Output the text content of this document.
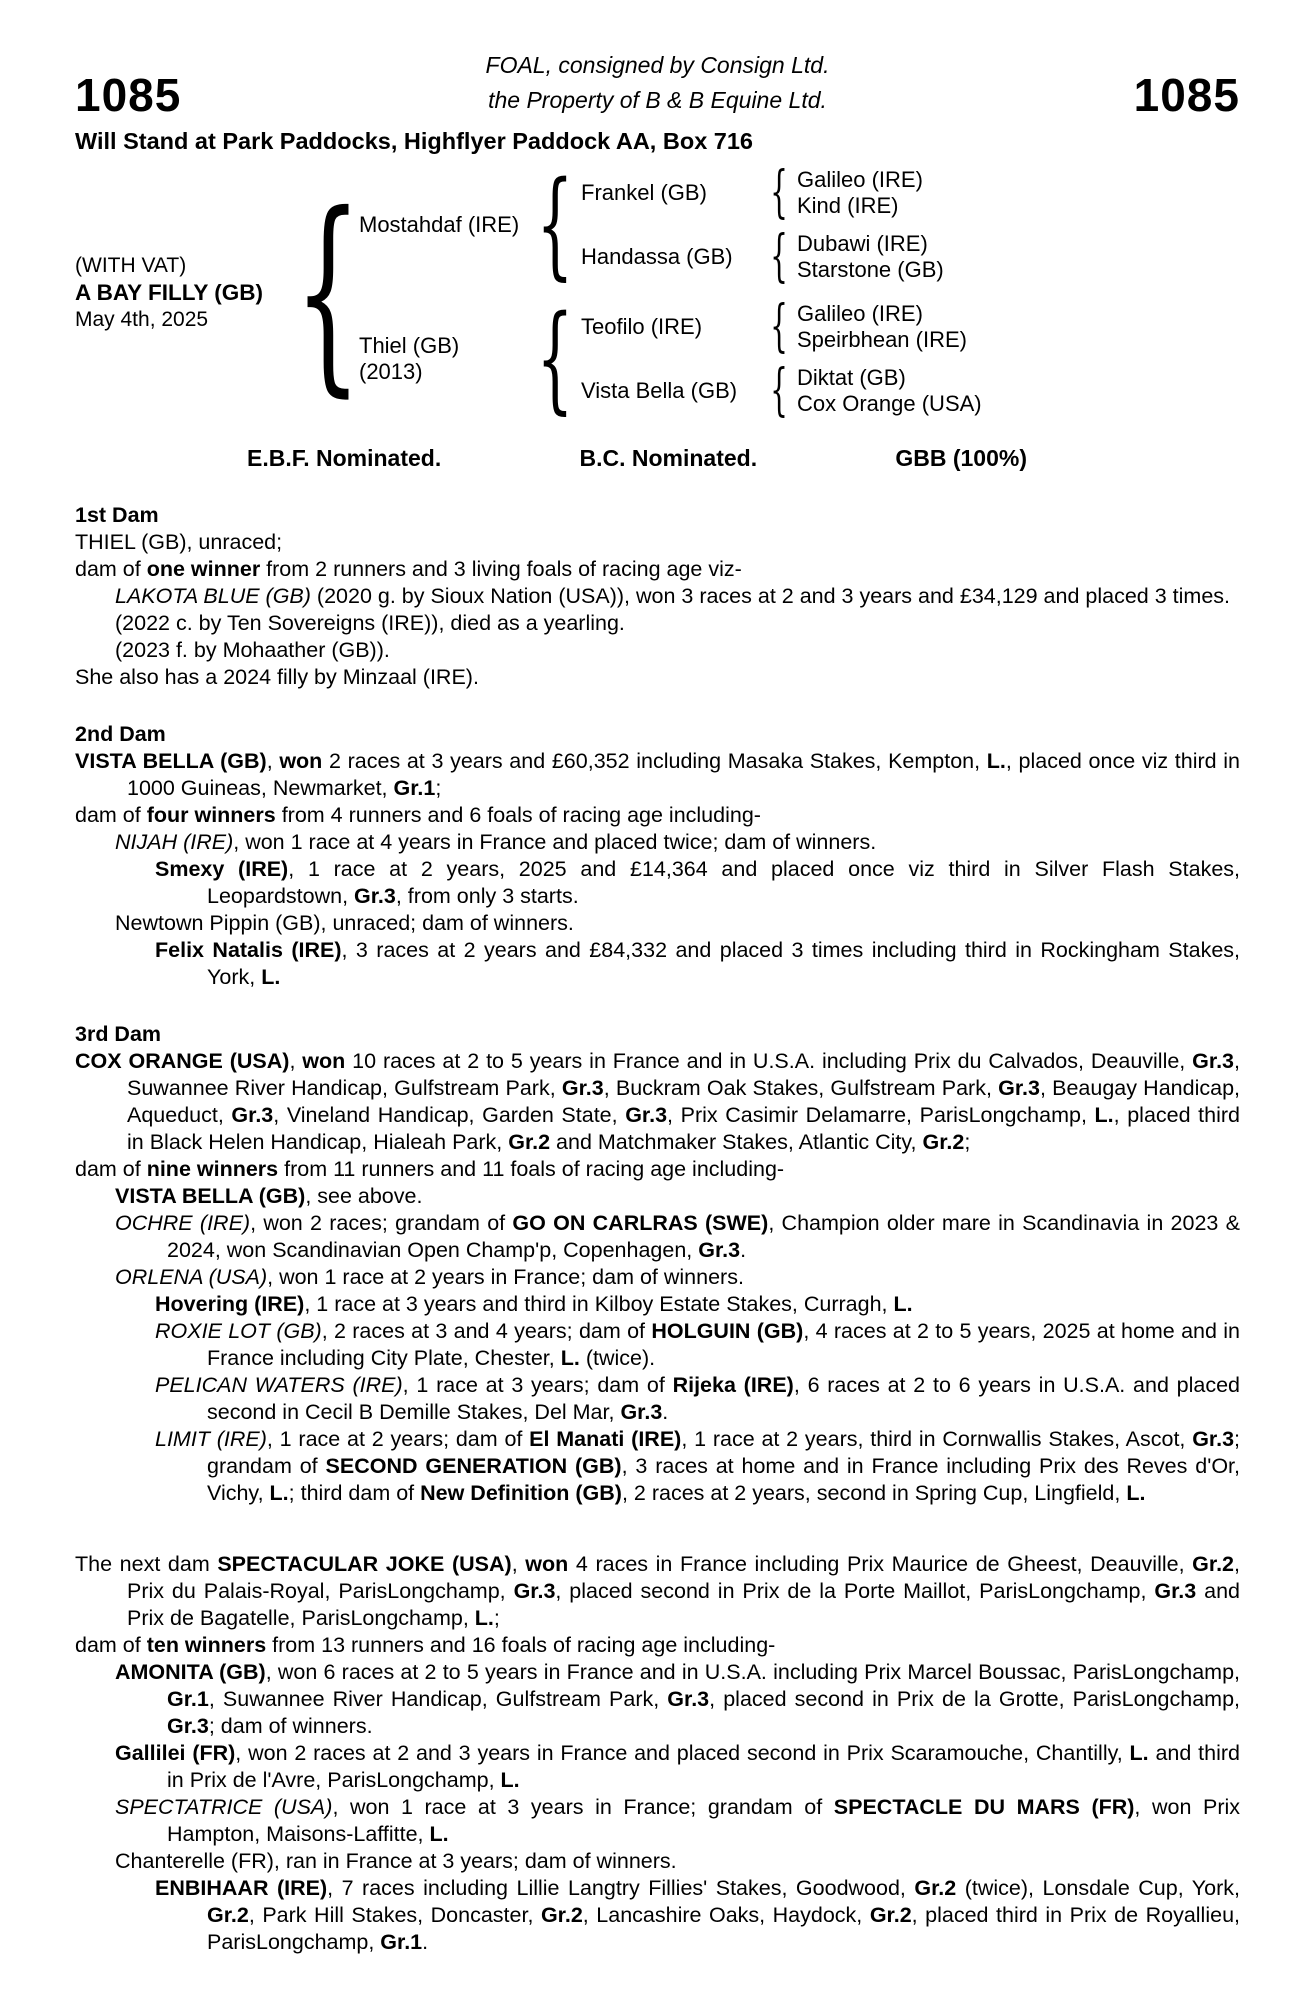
1085
FOAL, consigned by Consign Ltd.
the Property of B & B Equine Ltd.	1085
Will Stand at Park Paddocks, Highflyer Paddock AA, Box 716
(WITH VAT)
A BAY FILLY (GB)
May 4th, 2025 {
Mostahdaf (IRE) { Frankel (GB)	{ Galileo (IRE)
Kind (IRE)
Handassa (GB) { Dubawi (IRE)
Starstone (GB)
Thiel (GB)
(2013) { Teofilo (IRE)	{ Galileo (IRE)
Speirbhean (IRE)
Vista Bella (GB) { Diktat (GB)
Cox Orange (USA)
E.B.F. Nominated.	B.C. Nominated.	GBB (100%)
1st Dam

THIEL (GB), unraced;

dam of one winner from 2 runners and 3 living foals of racing age viz-

LAKOTA BLUE (GB) (2020 g. by Sioux Nation (USA)), won 3 races at 2 and 3 years and £34,129 and placed 3 times.

(2022 c. by Ten Sovereigns (IRE)), died as a yearling.

(2023 f. by Mohaather (GB)).

She also has a 2024 filly by Minzaal (IRE).

2nd Dam

VISTA BELLA (GB), won 2 races at 3 years and £60,352 including Masaka Stakes, Kempton, L., placed once viz third in 1000 Guineas, Newmarket, Gr.1;

dam of four winners from 4 runners and 6 foals of racing age including-

NIJAH (IRE), won 1 race at 4 years in France and placed twice; dam of winners.

Smexy (IRE), 1 race at 2 years, 2025 and £14,364 and placed once viz third in Silver Flash Stakes, Leopardstown, Gr.3, from only 3 starts.

Newtown Pippin (GB), unraced; dam of winners.

Felix Natalis (IRE), 3 races at 2 years and £84,332 and placed 3 times including third in Rockingham Stakes, York, L.

3rd Dam

COX ORANGE (USA), won 10 races at 2 to 5 years in France and in U.S.A. including Prix du Calvados, Deauville, Gr.3, Suwannee River Handicap, Gulfstream Park, Gr.3, Buckram Oak Stakes, Gulfstream Park, Gr.3, Beaugay Handicap, Aqueduct, Gr.3, Vineland Handicap, Garden State, Gr.3, Prix Casimir Delamarre, ParisLongchamp, L., placed third in Black Helen Handicap, Hialeah Park, Gr.2 and Matchmaker Stakes, Atlantic City, Gr.2;

dam of nine winners from 11 runners and 11 foals of racing age including-

VISTA BELLA (GB), see above.

OCHRE (IRE), won 2 races; grandam of GO ON CARLRAS (SWE), Champion older mare in Scandinavia in 2023 & 2024, won Scandinavian Open Champ'p, Copenhagen, Gr.3.

ORLENA (USA), won 1 race at 2 years in France; dam of winners.

Hovering (IRE), 1 race at 3 years and third in Kilboy Estate Stakes, Curragh, L.

ROXIE LOT (GB), 2 races at 3 and 4 years; dam of HOLGUIN (GB), 4 races at 2 to 5 years, 2025 at home and in France including City Plate, Chester, L. (twice).

PELICAN WATERS (IRE), 1 race at 3 years; dam of Rijeka (IRE), 6 races at 2 to 6 years in U.S.A. and placed second in Cecil B Demille Stakes, Del Mar, Gr.3.

LIMIT (IRE), 1 race at 2 years; dam of El Manati (IRE), 1 race at 2 years, third in Cornwallis Stakes, Ascot, Gr.3; grandam of SECOND GENERATION (GB), 3 races at home and in France including Prix des Reves d'Or, Vichy, L.; third dam of New Definition (GB), 2 races at 2 years, second in Spring Cup, Lingfield, L.

The next dam SPECTACULAR JOKE (USA), won 4 races in France including Prix Maurice de Gheest, Deauville, Gr.2, Prix du Palais-Royal, ParisLongchamp, Gr.3, placed second in Prix de la Porte Maillot, ParisLongchamp, Gr.3 and Prix de Bagatelle, ParisLongchamp, L.;

dam of ten winners from 13 runners and 16 foals of racing age including-

AMONITA (GB), won 6 races at 2 to 5 years in France and in U.S.A. including Prix Marcel Boussac, ParisLongchamp, Gr.1, Suwannee River Handicap, Gulfstream Park, Gr.3, placed second in Prix de la Grotte, ParisLongchamp, Gr.3; dam of winners.

Gallilei (FR), won 2 races at 2 and 3 years in France and placed second in Prix Scaramouche, Chantilly, L. and third in Prix de l'Avre, ParisLongchamp, L.

SPECTATRICE (USA), won 1 race at 3 years in France; grandam of SPECTACLE DU MARS (FR), won Prix Hampton, Maisons-Laffitte, L.

Chanterelle (FR), ran in France at 3 years; dam of winners.

ENBIHAAR (IRE), 7 races including Lillie Langtry Fillies' Stakes, Goodwood, Gr.2 (twice), Lonsdale Cup, York, Gr.2, Park Hill Stakes, Doncaster, Gr.2, Lancashire Oaks, Haydock, Gr.2, placed third in Prix de Royallieu, ParisLongchamp, Gr.1.
